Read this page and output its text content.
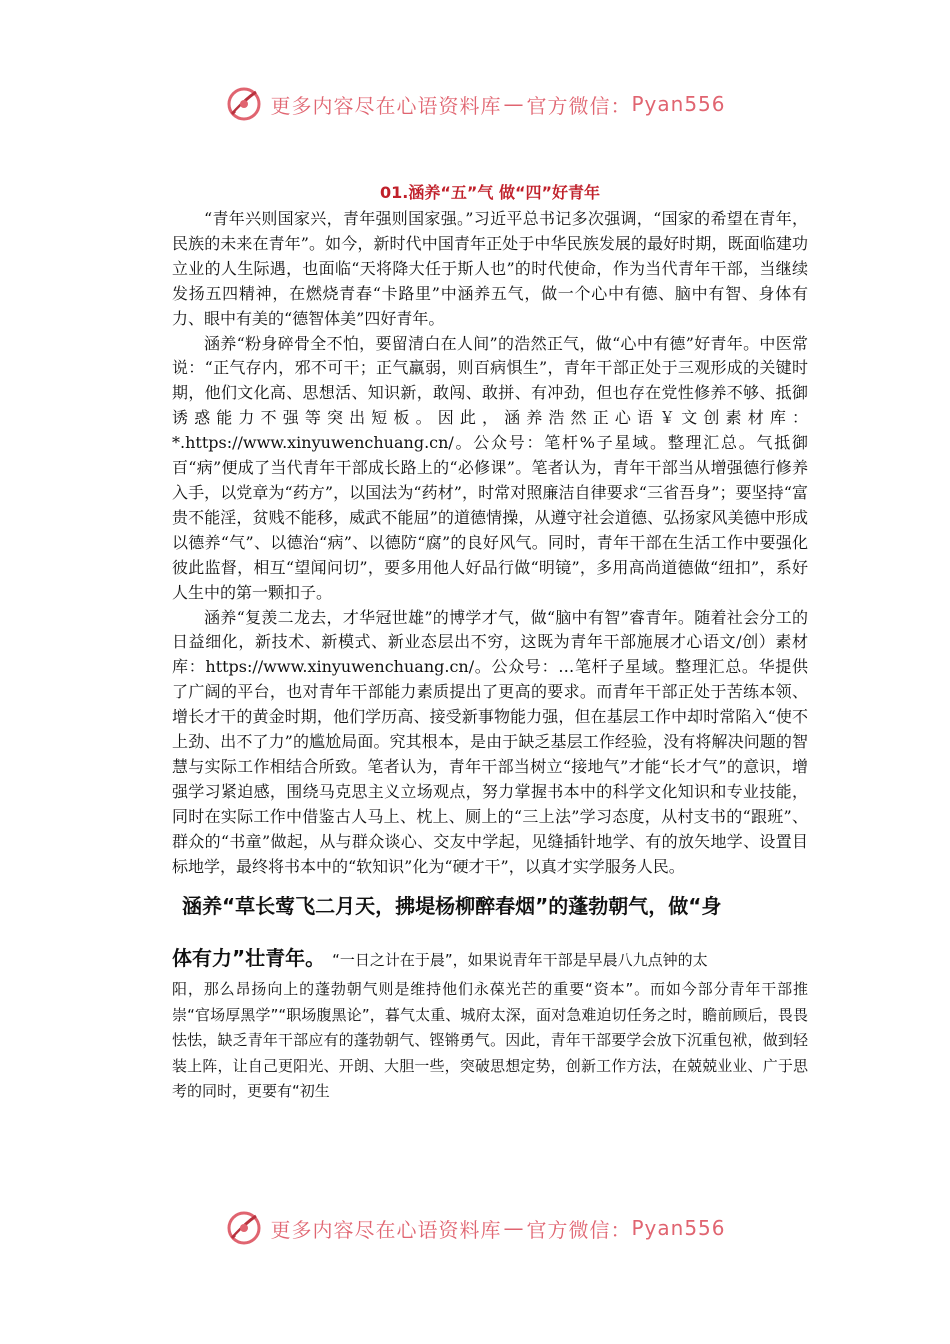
更多内容尽在心语资料库 — 官方微信： Pyan556
01.涵养“五”气 做“四”好青年

“青年兴则国家兴，青年强则国家强。”习近平总书记多次强调，“国家的希望在青年，民族的未来在青年”。如今，新时代中国青年正处于中华民族发展的最好时期，既面临建功立业的人生际遇，也面临“天将降大任于斯人也”的时代使命，作为当代青年干部，当继续发扬五四精神，在燃烧青春“卡路里”中涵养五气，做一个心中有德、脑中有智、身体有力、眼中有美的“德智体美”四好青年。

涵养“粉身碎骨全不怕，要留清白在人间”的浩然正气，做“心中有德”好青年。中医常说：“正气存内，邪不可干；正气羸弱，则百病惧生”，青年干部正处于三观形成的关键时期，他们文化高、思想活、知识新，敢闯、敢拼、有冲劲，但也存在党性修养不够、抵御诱惑能力不强等突出短板。因此，涵养浩然正心语￥文创素材库：*.https://www.xinyuwenchuang.cn/。公众号：笔杆%子星域。整理汇总。气抵御百“病”便成了当代青年干部成长路上的“必修课”。笔者认为，青年干部当从增强德行修养入手，以党章为“药方”，以国法为“药材”，时常对照廉洁自律要求“三省吾身”；要坚持“富贵不能淫，贫贱不能移，威武不能屈”的道德情操，从遵守社会道德、弘扬家风美德中形成以德养“气”、以德治“病”、以德防“腐”的良好风气。同时，青年干部在生活工作中要强化彼此监督，相互“望闻问切”，要多用他人好品行做“明镜”，多用高尚道德做“纽扣”，系好人生中的第一颗扣子。

涵养“复羡二龙去，才华冠世雄”的博学才气，做“脑中有智”睿青年。随着社会分工的日益细化，新技术、新模式、新业态层出不穷，这既为青年干部施展才心语文/创）素材库：https://www.xinyuwenchuang.cn/。公众号：…笔杆子星域。整理汇总。华提供了广阔的平台，也对青年干部能力素质提出了更高的要求。而青年干部正处于苦练本领、增长才干的黄金时期，他们学历高、接受新事物能力强，但在基层工作中却时常陷入“使不上劲、出不了力”的尴尬局面。究其根本，是由于缺乏基层工作经验，没有将解决问题的智慧与实际工作相结合所致。笔者认为，青年干部当树立“接地气”才能“长才气”的意识，增强学习紧迫感，围绕马克思主义立场观点，努力掌握书本中的科学文化知识和专业技能，同时在实际工作中借鉴古人马上、枕上、厕上的“三上法”学习态度，从村支书的“跟班”、群众的“书童”做起，从与群众谈心、交友中学起，见缝插针地学、有的放矢地学、设置目标地学，最终将书本中的“软知识”化为“硬才干”，以真才实学服务人民。

涵养“草长莺飞二月天，拂堤杨柳醉春烟”的蓬勃朝气，做“身
体有力”壮青年。 “一日之计在于晨”，如果说青年干部是早晨八九点钟的太

阳，那么昂扬向上的蓬勃朝气则是维持他们永葆光芒的重要“资本”。而如今部分青年干部推崇“官场厚黑学”“职场腹黑论”，暮气太重、城府太深，面对急难迫切任务之时，瞻前顾后，畏畏怯怯，缺乏青年干部应有的蓬勃朝气、铿锵勇气。因此，青年干部要学会放下沉重包袱，做到轻装上阵，让自己更阳光、开朗、大胆一些，突破思想定势，创新工作方法，在兢兢业业、广于思考的同时，更要有“初生

更多内容尽在心语资料库 — 官方微信： Pyan556
